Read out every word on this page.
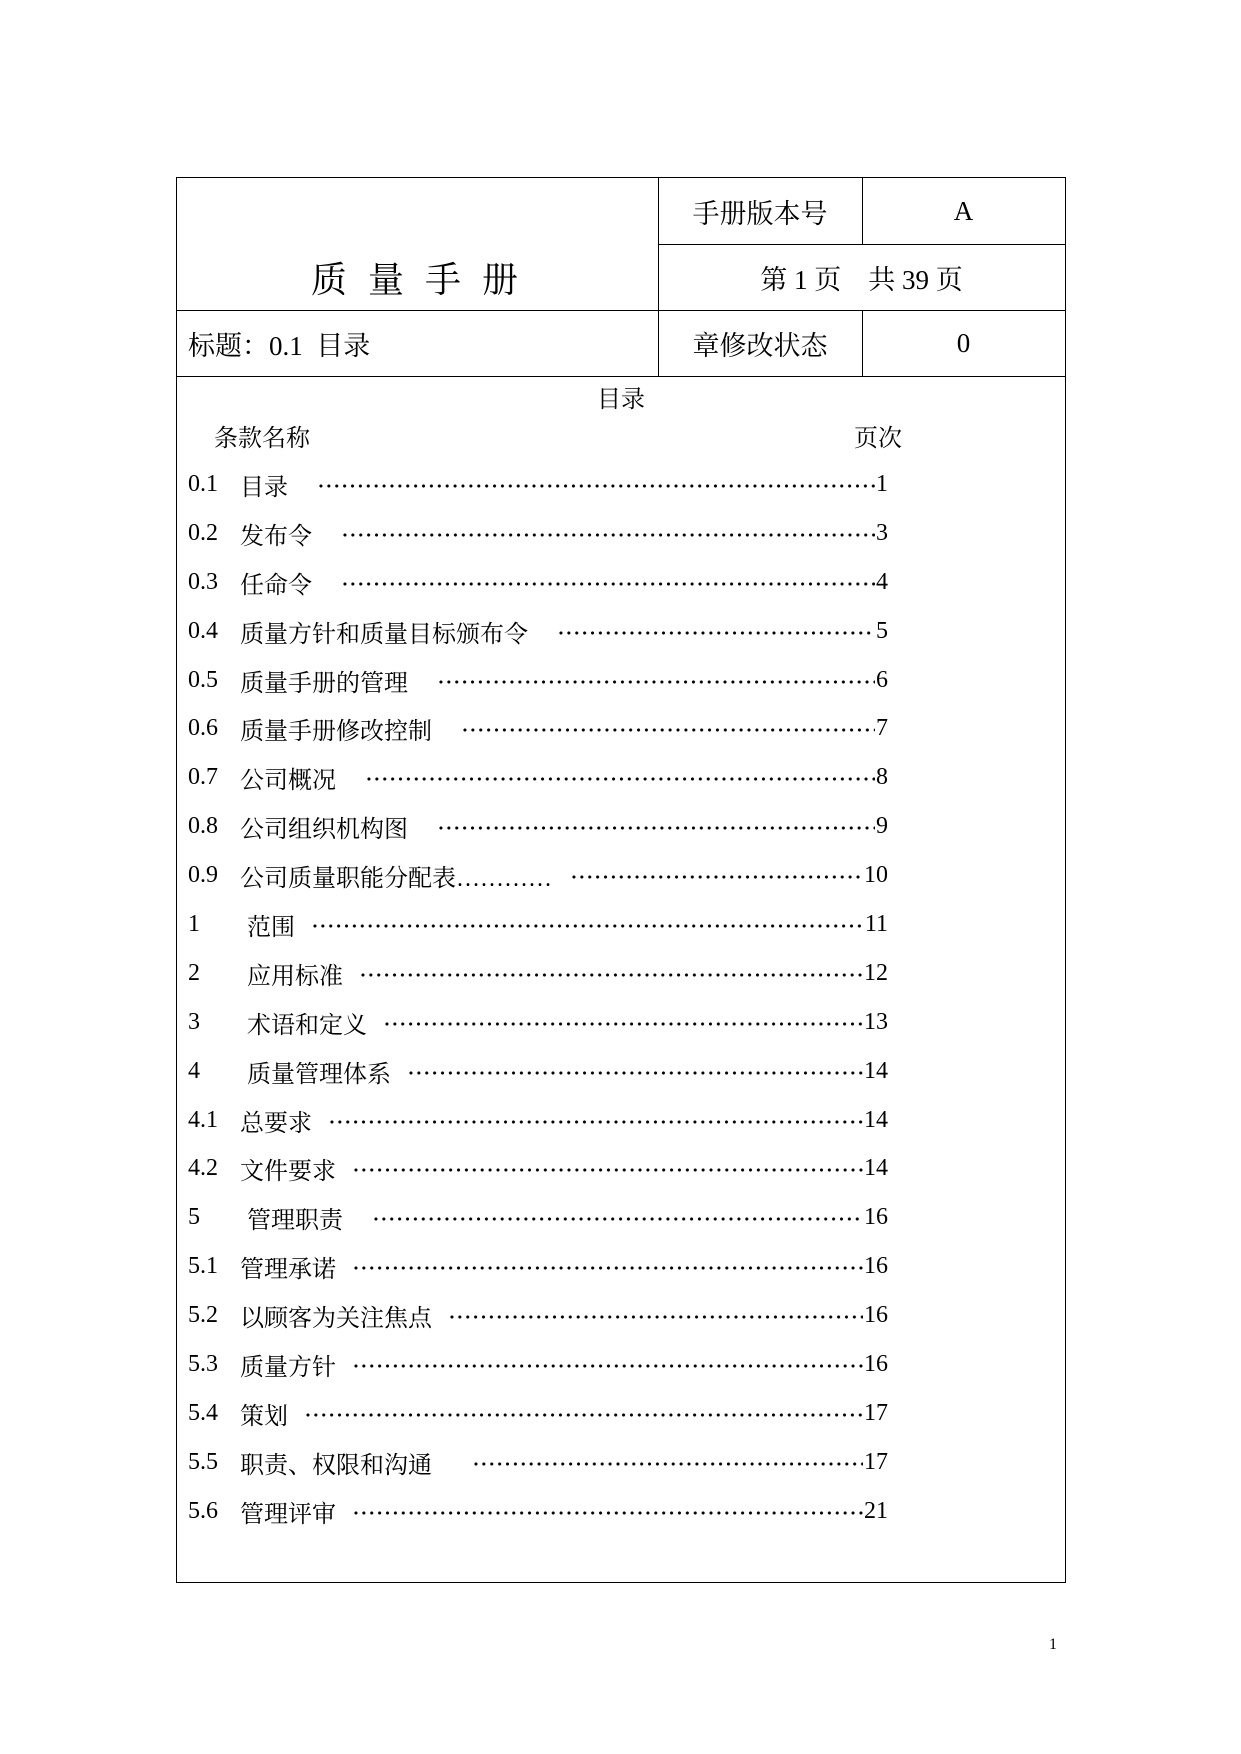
质 量 手 册
手册版本号	A
第 1 页　共 39 页
标题：0.1  目录	章修改状态	0
目录
条款名称	页次
0.1 目录	1
0.2 发布令	3
0.3 任命令	4
0.4 质量方针和质量目标颁布令	5
0.5 质量手册的管理	6
0.6 质量手册修改控制	7
0.7 公司概况	8
0.8 公司组织机构图	9
0.9 公司质量职能分配表…………	10
1	范围	11
2	应用标准	12
3	术语和定义	13
4	质量管理体系	14
4.1 总要求	14
4.2 文件要求	14
5	管理职责	16
5.1 管理承诺	16
5.2 以顾客为关注焦点	16
5.3 质量方针	16
5.4 策划	17
5.5 职责、权限和沟通	17
5.6 管理评审	21
1
